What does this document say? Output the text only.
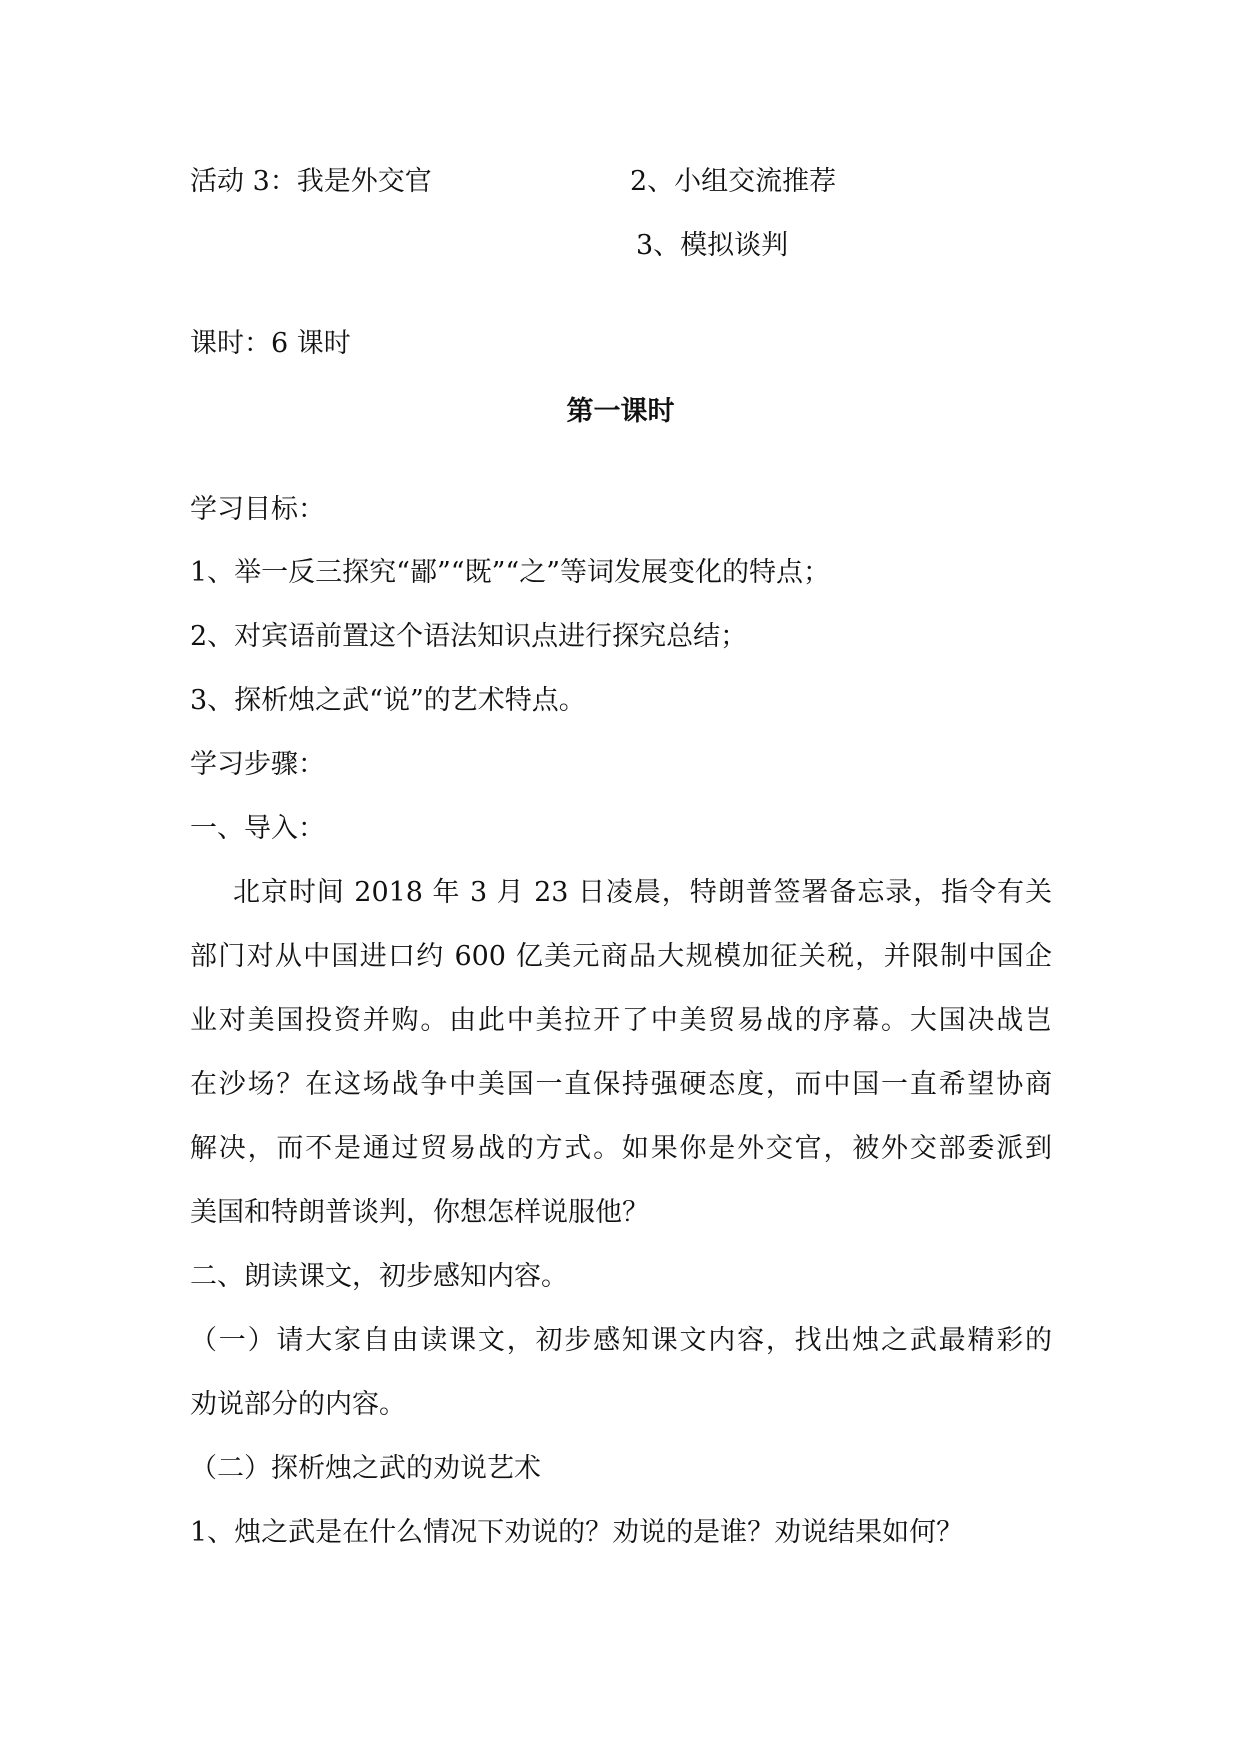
活动 3：我是外交官	2、小组交流推荐
3、模拟谈判
课时：6 课时
第一课时
学习目标：
1、举一反三探究“鄙”“既”“之”等词发展变化的特点；
2、对宾语前置这个语法知识点进行探究总结；
3、探析烛之武“说”的艺术特点。
学习步骤：
一、导入：
北京时间 2018 年 3 月 23 日凌晨，特朗普签署备忘录，指令有关
部门对从中国进口约 600 亿美元商品大规模加征关税，并限制中国企
业对美国投资并购。由此中美拉开了中美贸易战的序幕。大国决战岂
在沙场？在这场战争中美国一直保持强硬态度，而中国一直希望协商
解决，而不是通过贸易战的方式。如果你是外交官，被外交部委派到
美国和特朗普谈判，你想怎样说服他？
二、朗读课文，初步感知内容。
（一）请大家自由读课文，初步感知课文内容，找出烛之武最精彩的
劝说部分的内容。
（二）探析烛之武的劝说艺术
1、烛之武是在什么情况下劝说的？劝说的是谁？劝说结果如何？
